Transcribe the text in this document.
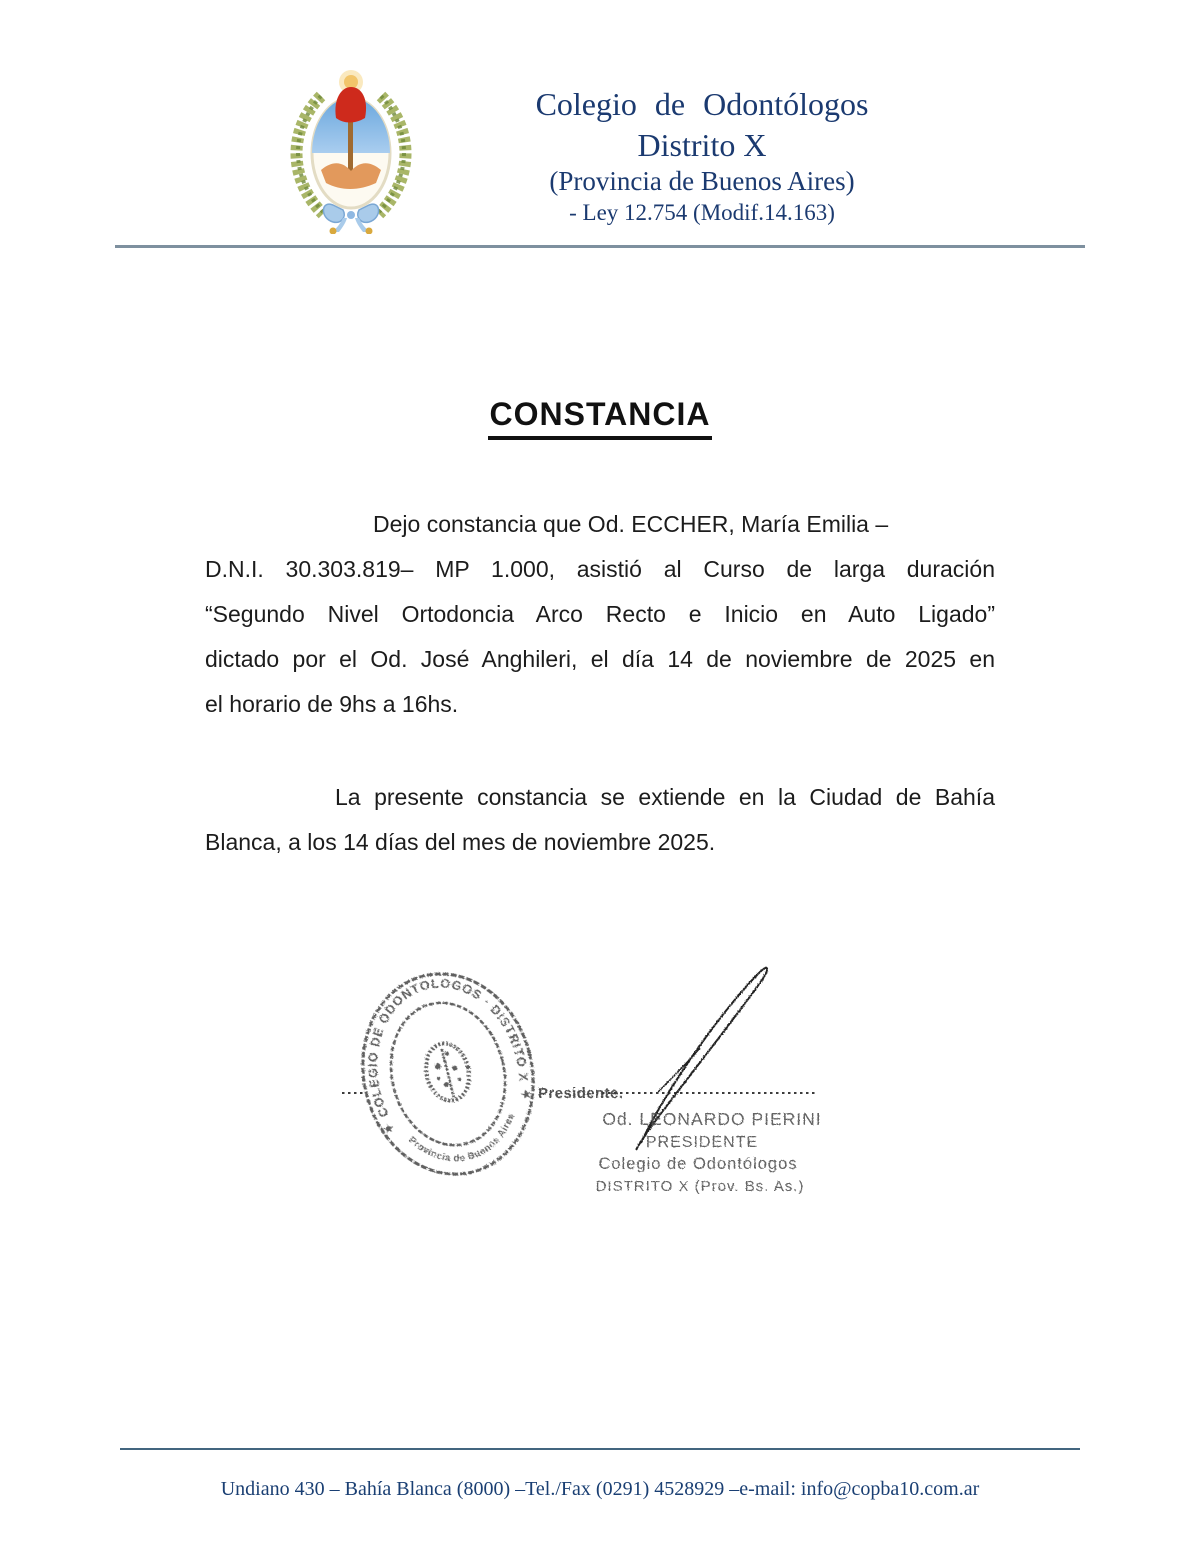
Colegio de Odontólogos
Distrito X
(Provincia de Buenos Aires)
- Ley 12.754 (Modif.14.163)
CONSTANCIA
Dejo constancia que Od. ECCHER, María Emilia –
D.N.I. 30.303.819– MP 1.000, asistió al Curso de larga duración
“Segundo Nivel Ortodoncia Arco Recto e Inicio en Auto Ligado”
dictado por el Od. José Anghileri, el día 14 de noviembre de 2025 en
el horario de 9hs a 16hs.
La presente constancia se extiende en la Ciudad de Bahía
Blanca, a los 14 días del mes de noviembre 2025.
COLEGIO DE ODONTOLOGOS · DISTRITO X
Provincia de Buenos Aires
★
★ Presidente.
Od. LEONARDO PIERINI
PRESIDENTE
Colegio de Odontólogos
DISTRITO X (Prov. Bs. As.)
Undiano 430 – Bahía Blanca (8000) –Tel./Fax (0291) 4528929 –e-mail: info@copba10.com.ar
